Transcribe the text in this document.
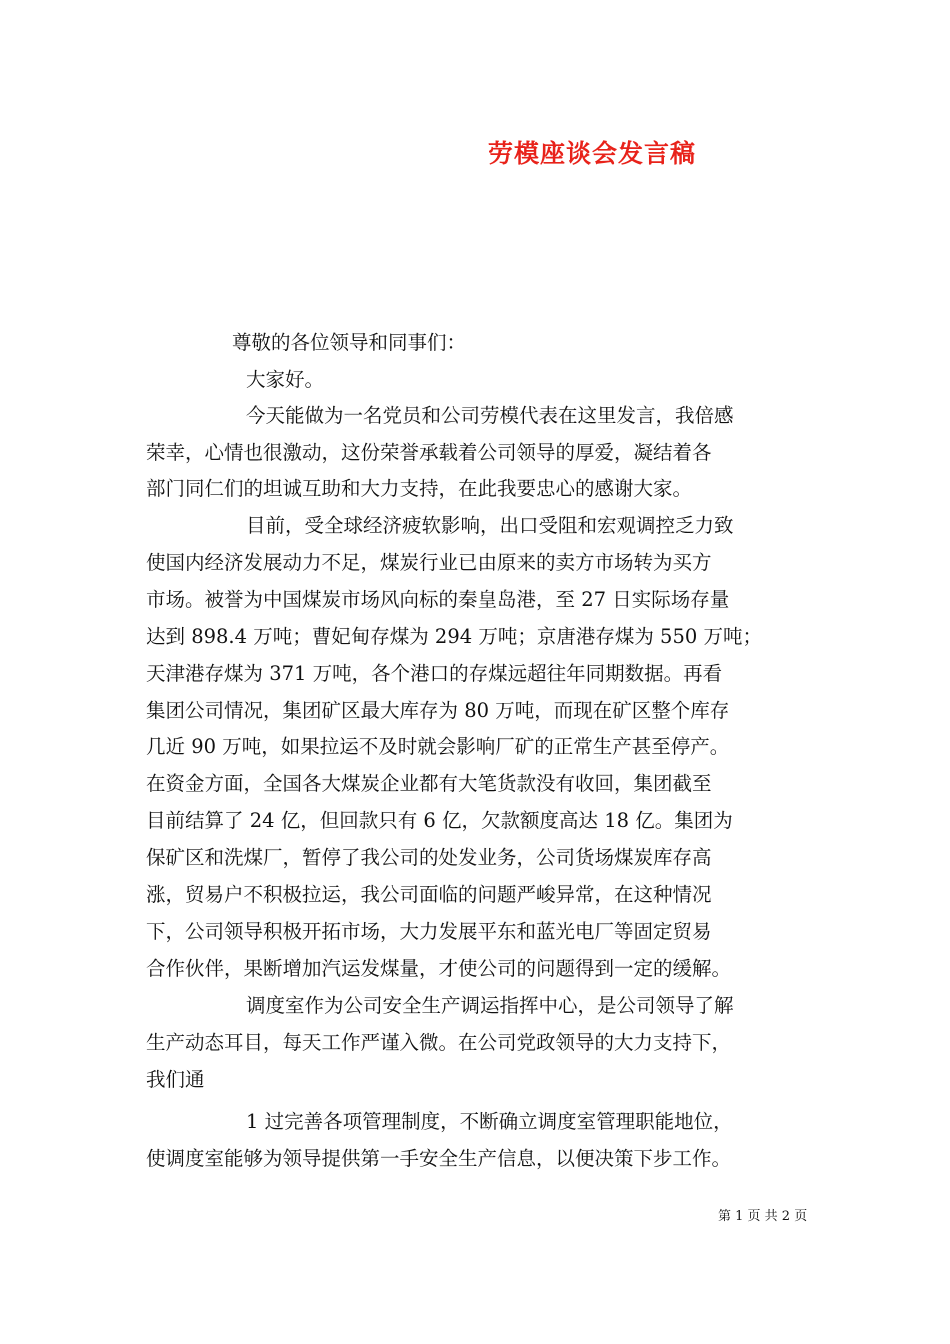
劳模座谈会发言稿
尊敬的各位领导和同事们：
大家好。
今天能做为一名党员和公司劳模代表在这里发言，我倍感
荣幸，心情也很激动，这份荣誉承载着公司领导的厚爱，凝结着各
部门同仁们的坦诚互助和大力支持，在此我要忠心的感谢大家。
目前，受全球经济疲软影响，出口受阻和宏观调控乏力致
使国内经济发展动力不足，煤炭行业已由原来的卖方市场转为买方
市场。被誉为中国煤炭市场风向标的秦皇岛港，至 27 日实际场存量
达到 898.4 万吨；曹妃甸存煤为 294 万吨；京唐港存煤为 550 万吨；
天津港存煤为 371 万吨，各个港口的存煤远超往年同期数据。再看
集团公司情况，集团矿区最大库存为 80 万吨，而现在矿区整个库存
几近 90 万吨，如果拉运不及时就会影响厂矿的正常生产甚至停产。
在资金方面，全国各大煤炭企业都有大笔货款没有收回，集团截至
目前结算了 24 亿，但回款只有 6 亿，欠款额度高达 18 亿。集团为
保矿区和洗煤厂，暂停了我公司的处发业务，公司货场煤炭库存高
涨，贸易户不积极拉运，我公司面临的问题严峻异常，在这种情况
下，公司领导积极开拓市场，大力发展平东和蓝光电厂等固定贸易
合作伙伴，果断增加汽运发煤量，才使公司的问题得到一定的缓解。
调度室作为公司安全生产调运指挥中心，是公司领导了解
生产动态耳目，每天工作严谨入微。在公司党政领导的大力支持下，
我们通
1 过完善各项管理制度，不断确立调度室管理职能地位，
使调度室能够为领导提供第一手安全生产信息，以便决策下步工作。
第 1 页 共 2 页
